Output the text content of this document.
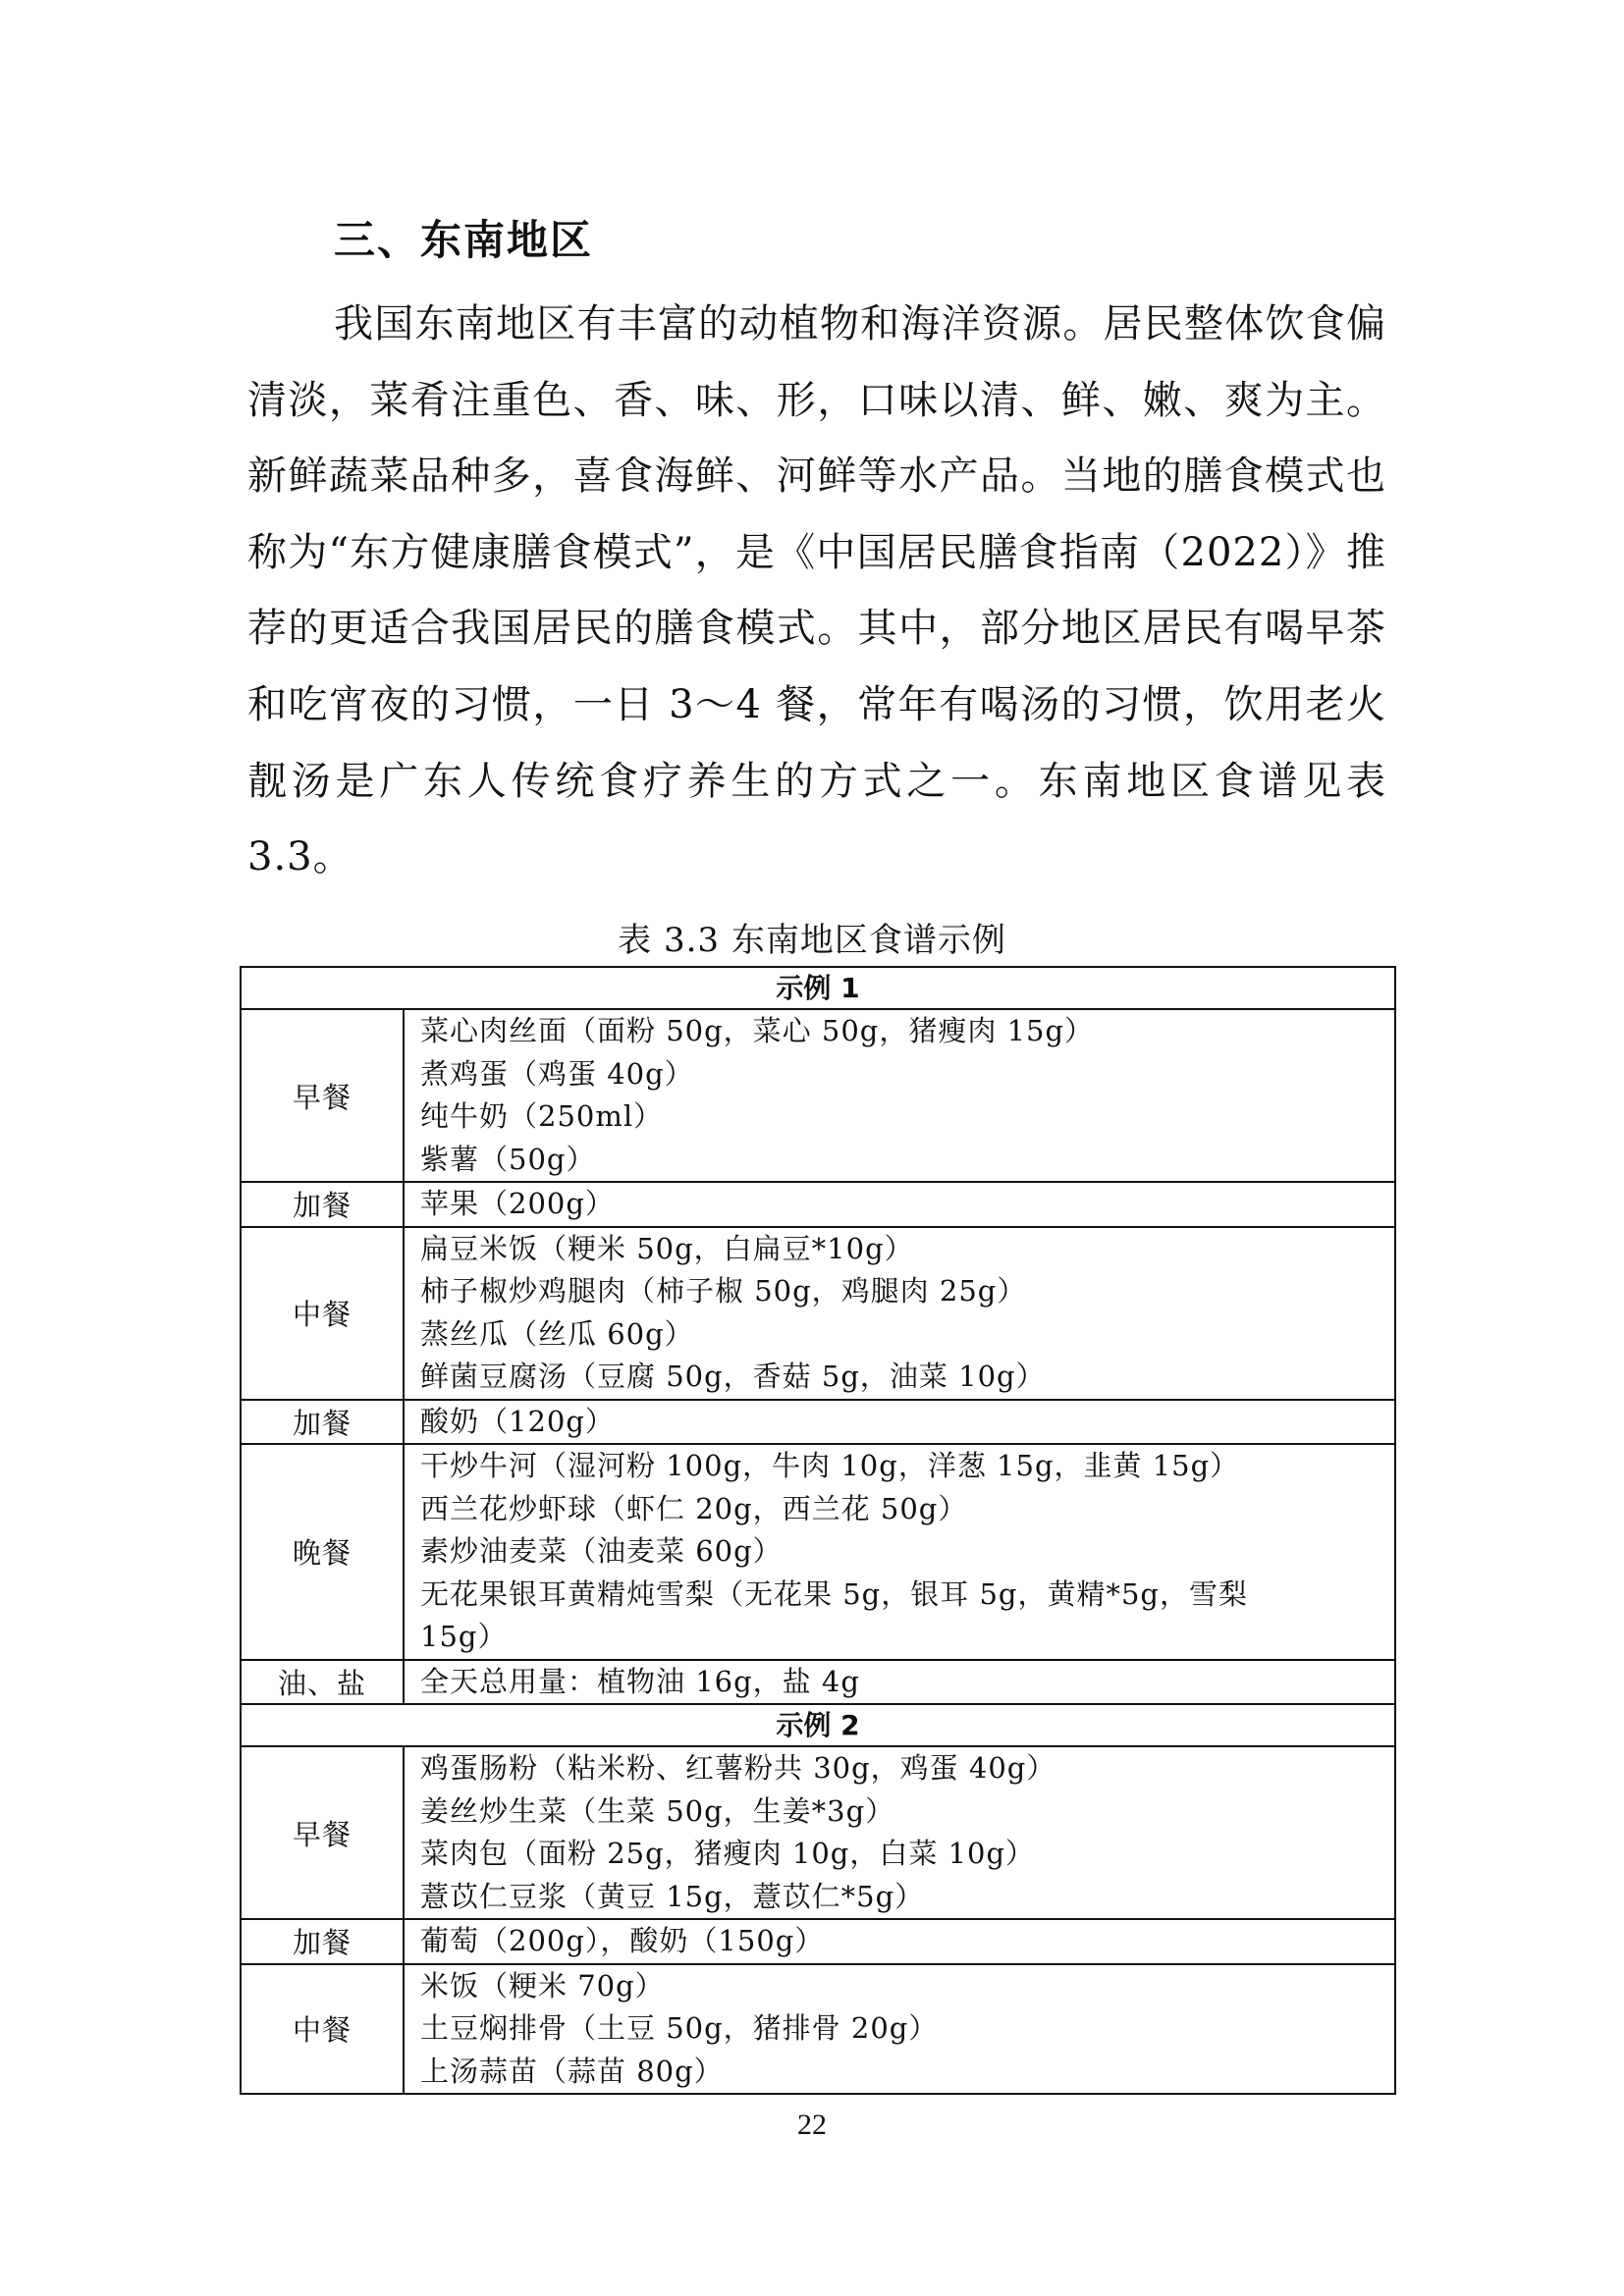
三、东南地区

我国东南地区有丰富的动植物和海洋资源。居民整体饮食偏清淡，菜肴注重色、香、味、形，口味以清、鲜、嫩、爽为主。新鲜蔬菜品种多，喜食海鲜、河鲜等水产品。当地的膳食模式也称为“东方健康膳食模式”，是《中国居民膳食指南（2022）》推荐的更适合我国居民的膳食模式。其中，部分地区居民有喝早茶和吃宵夜的习惯，一日 3～4 餐，常年有喝汤的习惯，饮用老火靓汤是广东人传统食疗养生的方式之一。东南地区食谱见表 3.3。

表 3.3 东南地区食谱示例
示例 1	
早餐	菜心肉丝面（面粉 50g，菜心 50g，猪瘦肉 15g）
煮鸡蛋（鸡蛋 40g）
纯牛奶（250ml）
紫薯（50g）

加餐	苹果（200g）

中餐	扁豆米饭（粳米 50g，白扁豆*10g）
柿子椒炒鸡腿肉（柿子椒 50g，鸡腿肉 25g）
蒸丝瓜（丝瓜 60g）
鲜菌豆腐汤（豆腐 50g，香菇 5g，油菜 10g）

加餐	酸奶（120g）

晚餐	干炒牛河（湿河粉 100g，牛肉 10g，洋葱 15g，韭黄 15g）
西兰花炒虾球（虾仁 20g，西兰花 50g）
素炒油麦菜（油麦菜 60g）
无花果银耳黄精炖雪梨（无花果 5g，银耳 5g，黄精*5g，雪梨
15g）

油、盐	全天总用量：植物油 16g，盐 4g

示例 2	
早餐	鸡蛋肠粉（粘米粉、红薯粉共 30g，鸡蛋 40g）
姜丝炒生菜（生菜 50g，生姜*3g）
菜肉包（面粉 25g，猪瘦肉 10g，白菜 10g）
薏苡仁豆浆（黄豆 15g，薏苡仁*5g）

加餐	葡萄（200g），酸奶（150g）

中餐	米饭（粳米 70g）
土豆焖排骨（土豆 50g，猪排骨 20g）
上汤蒜苗（蒜苗 80g）
22
